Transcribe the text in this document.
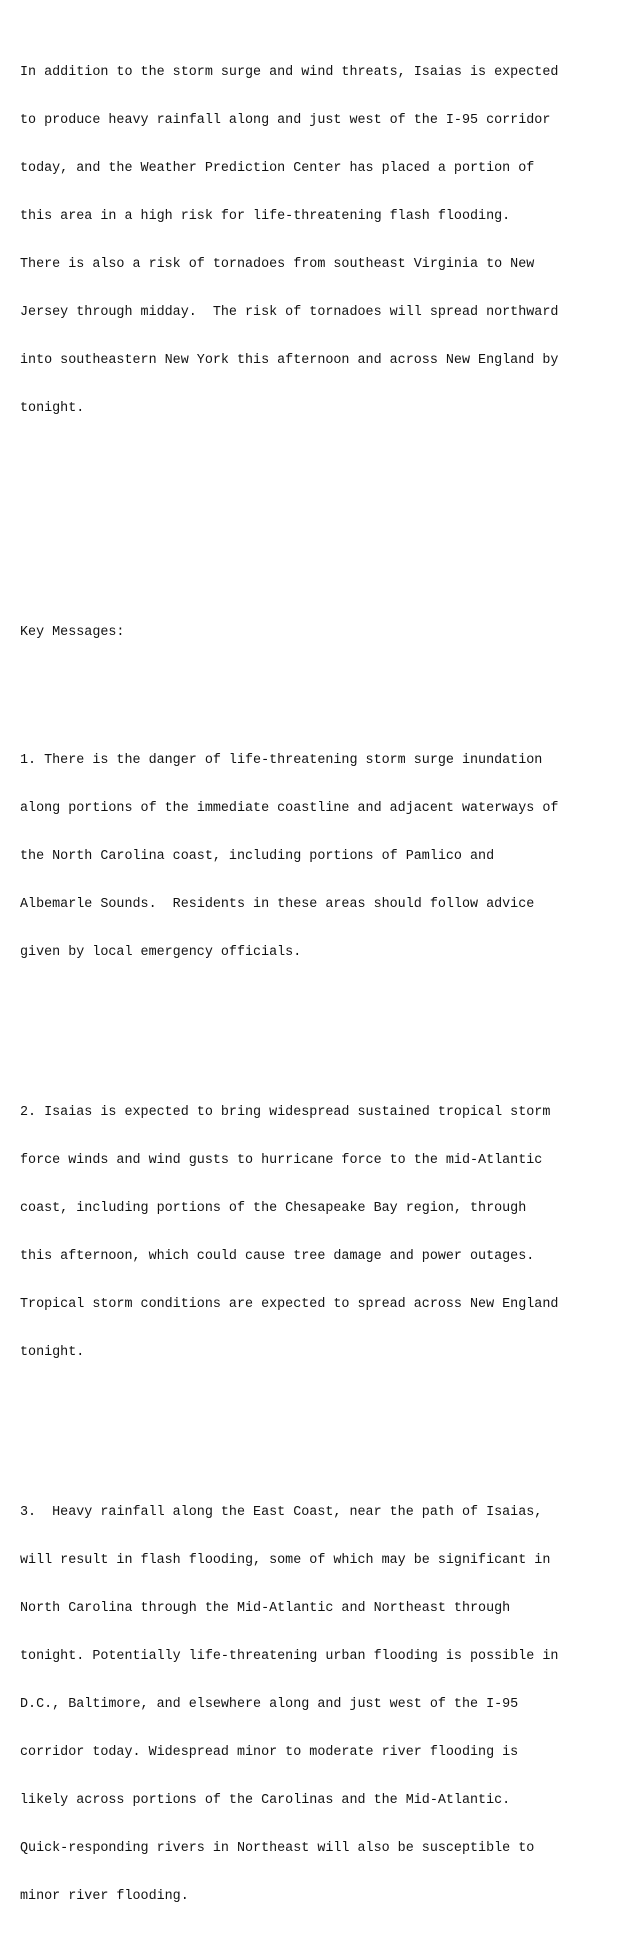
In addition to the storm surge and wind threats, Isaias is expected

to produce heavy rainfall along and just west of the I-95 corridor

today, and the Weather Prediction Center has placed a portion of

this area in a high risk for life-threatening flash flooding.

There is also a risk of tornadoes from southeast Virginia to New

Jersey through midday.  The risk of tornadoes will spread northward

into southeastern New York this afternoon and across New England by

tonight.

Key Messages:

1. There is the danger of life-threatening storm surge inundation

along portions of the immediate coastline and adjacent waterways of

the North Carolina coast, including portions of Pamlico and

Albemarle Sounds.  Residents in these areas should follow advice

given by local emergency officials.

2. Isaias is expected to bring widespread sustained tropical storm

force winds and wind gusts to hurricane force to the mid-Atlantic

coast, including portions of the Chesapeake Bay region, through

this afternoon, which could cause tree damage and power outages.

Tropical storm conditions are expected to spread across New England

tonight.

3.  Heavy rainfall along the East Coast, near the path of Isaias,

will result in flash flooding, some of which may be significant in

North Carolina through the Mid-Atlantic and Northeast through

tonight. Potentially life-threatening urban flooding is possible in

D.C., Baltimore, and elsewhere along and just west of the I-95

corridor today. Widespread minor to moderate river flooding is

likely across portions of the Carolinas and the Mid-Atlantic.

Quick-responding rivers in Northeast will also be susceptible to

minor river flooding.
